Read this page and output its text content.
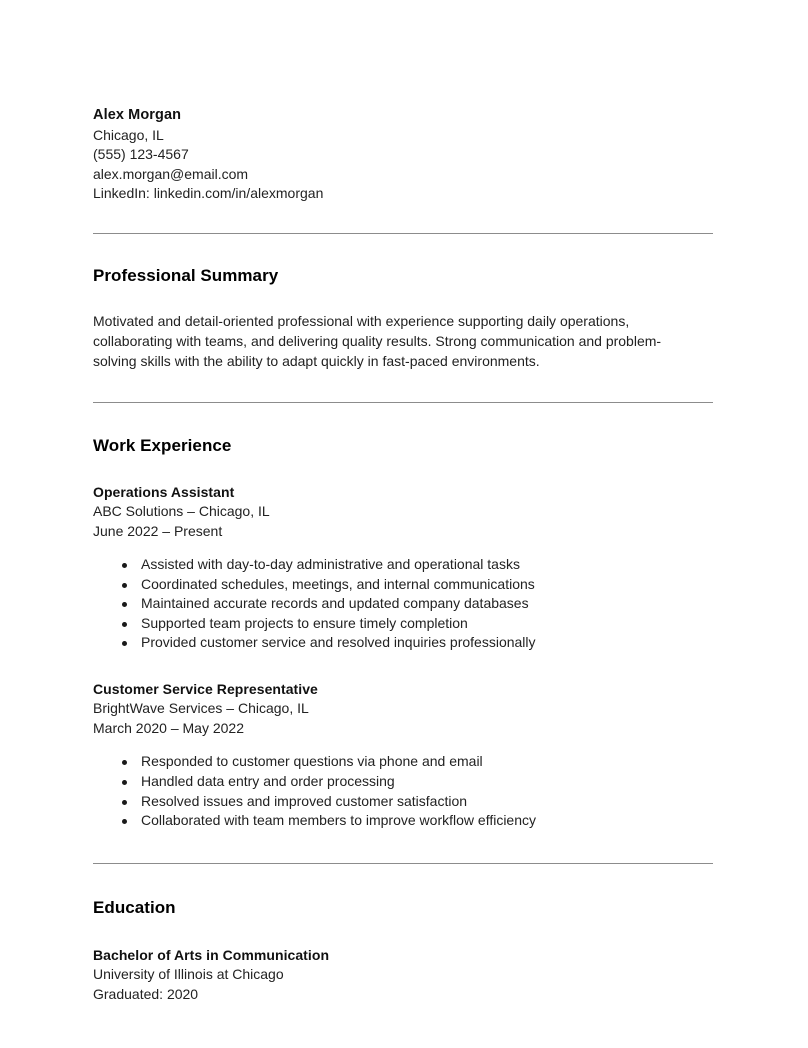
Alex Morgan
Chicago, IL
(555) 123-4567
alex.morgan@email.com
LinkedIn: linkedin.com/in/alexmorgan
Professional Summary

Motivated and detail-oriented professional with experience supporting daily operations, collaborating with teams, and delivering quality results. Strong communication and problem-solving skills with the ability to adapt quickly in fast-paced environments.

Work Experience
Operations Assistant
ABC Solutions – Chicago, IL
June 2022 – Present
Assisted with day-to-day administrative and operational tasks
Coordinated schedules, meetings, and internal communications
Maintained accurate records and updated company databases
Supported team projects to ensure timely completion
Provided customer service and resolved inquiries professionally
Customer Service Representative
BrightWave Services – Chicago, IL
March 2020 – May 2022
Responded to customer questions via phone and email
Handled data entry and order processing
Resolved issues and improved customer satisfaction
Collaborated with team members to improve workflow efficiency
Education
Bachelor of Arts in Communication
University of Illinois at Chicago
Graduated: 2020
